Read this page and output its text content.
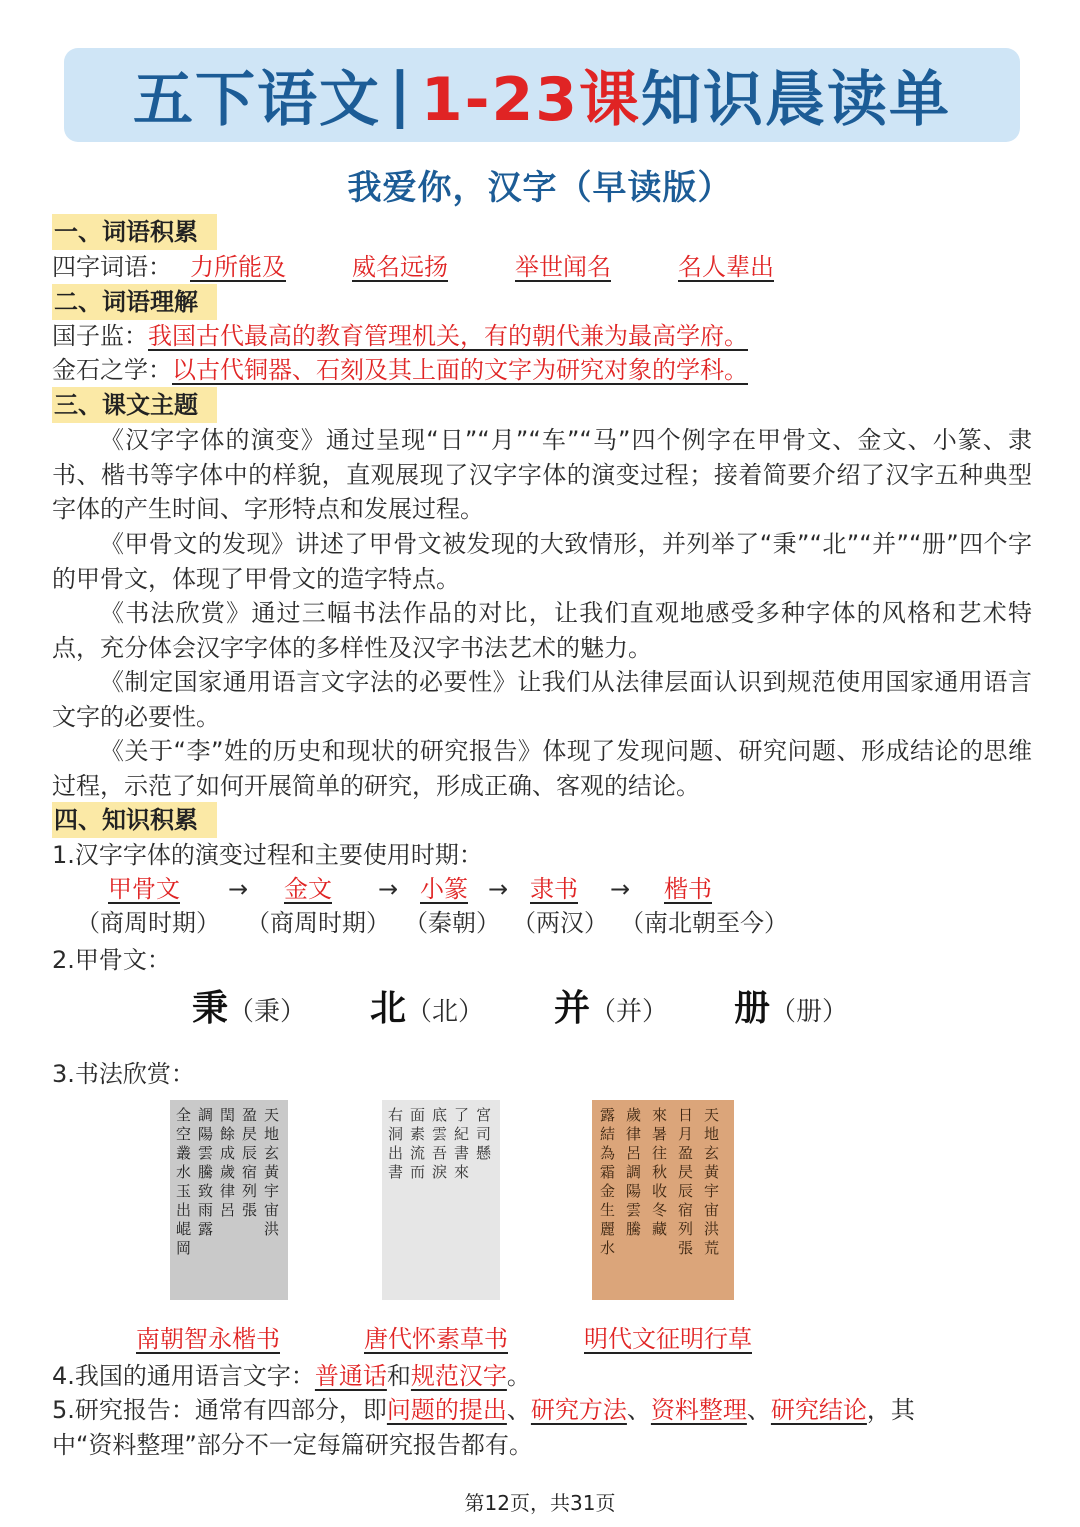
五下语文 | 1-23课 知识晨读单
我爱你，汉字（早读版）
一、词语积累
四字词语： 力所能及	威名远扬	举世闻名	名人辈出
二、词语理解
国子监：我国古代最高的教育管理机关，有的朝代兼为最高学府。
金石之学：以古代铜器、石刻及其上面的文字为研究对象的学科。
三、课文主题
《汉字字体的演变》通过呈现“日”“月”“车”“马”四个例字在甲骨文、金文、小篆、隶书、楷书等字体中的样貌，直观展现了汉字字体的演变过程；接着简要介绍了汉字五种典型字体的产生时间、字形特点和发展过程。
《甲骨文的发现》讲述了甲骨文被发现的大致情形，并列举了“秉”“北”“并”“册”四个字的甲骨文，体现了甲骨文的造字特点。
《书法欣赏》通过三幅书法作品的对比，让我们直观地感受多种字体的风格和艺术特点，充分体会汉字字体的多样性及汉字书法艺术的魅力。
《制定国家通用语言文字法的必要性》让我们从法律层面认识到规范使用国家通用语言文字的必要性。
《关于“李”姓的历史和现状的研究报告》体现了发现问题、研究问题、形成结论的思维过程，示范了如何开展简单的研究，形成正确、客观的结论。
四、知识积累
1.汉字字体的演变过程和主要使用时期：
甲骨文 → 金文 → 小篆 → 隶书 → 楷书
（商周时期） （商周时期） （秦朝） （两汉） （南北朝至今）
2.甲骨文：
秉（秉） 北（北） 并（并） 册（册）
3.书法欣赏：
全空叢水玉出崐岡
調陽雲騰致雨露
閏餘成歲律呂
盈昃辰宿列張
天地玄黃宇宙洪
右洞出書
面素流而
底雲吾淚
了紀書來
宮司懸
露結為霜金生麗水
歲律呂調陽雲騰
來暑往秋收冬藏
日月盈昃辰宿列張
天地玄黃宇宙洪荒
南朝智永楷书	唐代怀素草书	明代文征明行草
4.我国的通用语言文字：普通话和规范汉字。
5.研究报告：通常有四部分，即问题的提出、研究方法、资料整理、研究结论，其
中“资料整理”部分不一定每篇研究报告都有。
第12页，共31页
